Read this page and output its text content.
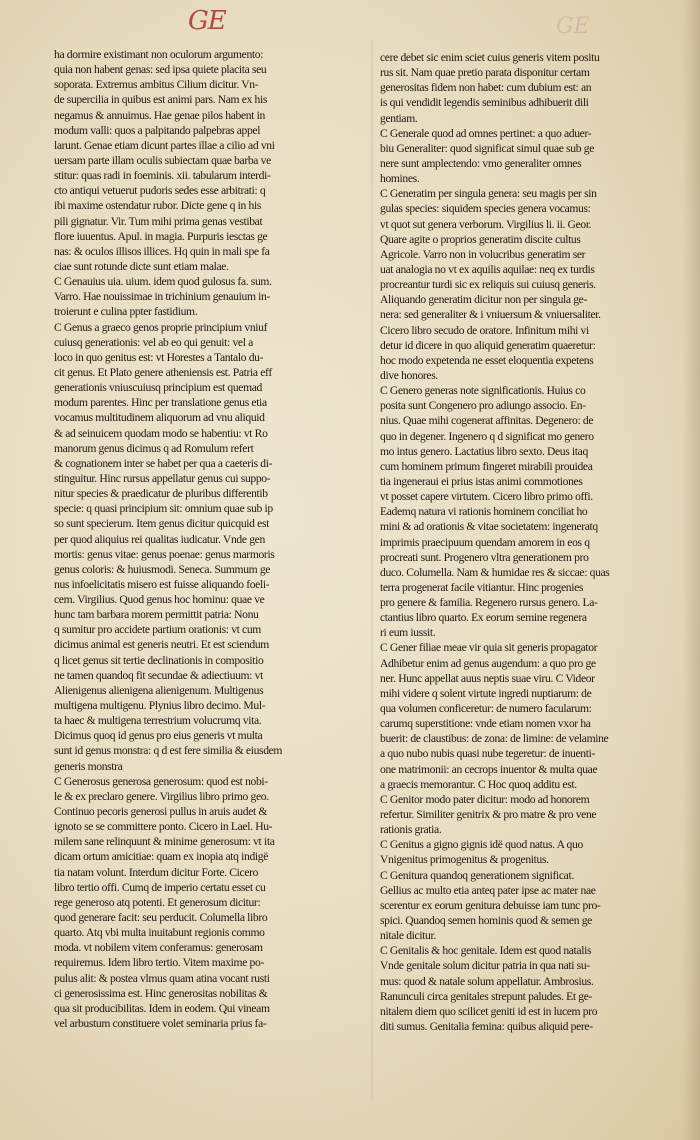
GE	GE
ha dormire existimant non oculorum argumento:
quia non habent genas: sed ipsa quiete placita seu
soporata. Extremus ambitus Cilium dicitur. Vn-
de supercilia in quibus est animi pars. Nam ex his
negamus & annuimus. Hae genae pilos habent in
modum valli: quos a palpitando palpebras appel
larunt. Genae etiam dicunt partes illae a cilio ad vni
uersam parte illam oculis subiectam quae barba ve
stitur: quas radi in foeminis. xii. tabularum interdi-
cto antiqui vetuerut pudoris sedes esse arbitrati: q
ibi maxime ostendatur rubor. Dicte gene q in his
pili gignatur. Vir. Tum mihi prima genas vestibat
flore iuuentus. Apul. in magia. Purpuris iesctas ge
nas: & oculos illisos illices. Hq quin in mali spe fa
ciae sunt rotunde dicte sunt etiam malae.
C Genauius uia. uium. idem quod gulosus fa. sum.
Varro. Hae nouissimae in trichinium genauium in-
troierunt e culina ppter fastidium.
C Genus a graeco genos proprie principium vniuf
cuiusq generationis: vel ab eo qui genuit: vel a
loco in quo genitus est: vt Horestes a Tantalo du-
cit genus. Et Plato genere atheniensis est. Patria eff
generationis vniuscuiusq principium est quemad
modum parentes. Hinc per translatione genus etia
vocamus multitudinem aliquorum ad vnu aliquid
& ad seinuicem quodam modo se habentiu: vt Ro
manorum genus dicimus q ad Romulum refert
& cognationem inter se habet per qua a caeteris di-
stinguitur. Hinc rursus appellatur genus cui suppo-
nitur species & praedicatur de pluribus differentib
specie: q quasi principium sit: omnium quae sub ip
so sunt specierum. Item genus dicitur quicquid est
per quod aliquius rei qualitas iudicatur. Vnde gen
mortis: genus vitae: genus poenae: genus marmoris
genus coloris: & huiusmodi. Seneca. Summum ge
nus infoelicitatis misero est fuisse aliquando foeli-
cem. Virgilius. Quod genus hoc hominu: quae ve
hunc tam barbara morem permittit patria: Nonu
q sumitur pro accidete partium orationis: vt cum
dicimus animal est generis neutri. Et est sciendum
q licet genus sit tertie declinationis in compositio
ne tamen quandoq fit secundae & adiectiuum: vt
Alienigenus alienigena alienigenum. Multigenus
multigena multigenu. Plynius libro decimo. Mul-
ta haec & multigena terrestrium volucrumq vita.
Dicimus quoq id genus pro eius generis vt multa
sunt id genus monstra: q d est fere similia & eiusdem
generis monstra
C Generosus generosa generosum: quod est nobi-
le & ex preclaro genere. Virgilius libro primo geo.
Continuo pecoris generosi pullus in aruis audet &
ignoto se se committere ponto. Cicero in Lael. Hu-
milem sane relinquunt & minime generosum: vt ita
dicam ortum amicitiae: quam ex inopia atq indigë
tia natam volunt. Interdum dicitur Forte. Cicero
libro tertio offi. Cumq de imperio certatu esset cu
rege generoso atq potenti. Et generosum dicitur:
quod generare facit: seu perducit. Columella libro
quarto. Atq vbi multa inuitabunt regionis commo
moda. vt nobilem vitem conferamus: generosam
requiremus. Idem libro tertio. Vitem maxime po-
pulus alit: & postea vlmus quam atina vocant rusti
ci generosissima est. Hinc generositas nobilitas &
qua sit producibilitas. Idem in eodem. Qui vineam
vel arbustum constituere volet seminaria prius fa-
cere debet sic enim sciet cuius generis vitem positu
rus sit. Nam quae pretio parata disponitur certam
generositas fidem non habet: cum dubium est: an
is qui vendidit legendis seminibus adhibuerit dili
gentiam.
C Generale quod ad omnes pertinet: a quo aduer-
biu Generaliter: quod significat simul quae sub ge
nere sunt amplectendo: vmo generaliter omnes
homines.
C Generatim per singula genera: seu magis per sin
gulas species: siquidem species genera vocamus:
vt quot sut genera verborum. Virgilius li. ii. Geor.
Quare agite o proprios generatim discite cultus
Agricole. Varro non in volucribus generatim ser
uat analogia no vt ex aquilis aquilae: neq ex turdis
procreantur turdi sic ex reliquis sui cuiusq generis.
Aliquando generatim dicitur non per singula ge-
nera: sed generaliter & i vniuersum & vniuersaliter.
Cicero libro secudo de oratore. Infinitum mihi vi
detur id dicere in quo aliquid generatim quaeretur:
hoc modo expetenda ne esset eloquentia expetens
dive honores.
C Genero generas note significationis. Huius co
posita sunt Congenero pro adiungo associo. En-
nius. Quae mihi cogenerat affinitas. Degenero: de
quo in degener. Ingenero q d significat mo genero
mo intus genero. Lactatius libro sexto. Deus itaq
cum hominem primum fingeret mirabili prouidea
tia ingeneraui ei prius istas animi commotiones
vt posset capere virtutem. Cicero libro primo offi.
Eademq natura vi rationis hominem conciliat ho
mini & ad orationis & vitae societatem: ingeneratq
imprimis praecipuum quendam amorem in eos q
procreati sunt. Progenero vltra generationem pro
duco. Columella. Nam & humidae res & siccae: quas
terra progenerat facile vitiantur. Hinc progenies
pro genere & familia. Regenero rursus genero. La-
ctantius libro quarto. Ex eorum semine regenera
ri eum iussit.
C Gener filiae meae vir quia sit generis propagator
Adhibetur enim ad genus augendum: a quo pro ge
ner. Hunc appellat auus neptis suae viru. C Videor
mihi videre q solent virtute ingredi nuptiarum: de
qua volumen conficeretur: de numero facularum:
carumq superstitione: vnde etiam nomen vxor ha
buerit: de claustibus: de zona: de limine: de velamine
a quo nubo nubis quasi nube tegeretur: de inuenti-
one matrimonii: an cecrops inuentor & multa quae
a graecis memorantur. C Hoc quoq additu est.
C Genitor modo pater dicitur: modo ad honorem
refertur. Similiter genitrix & pro matre & pro vene
rationis gratia.
C Genitus a gigno gignis idë quod natus. A quo
Vnigenitus primogenitus & progenitus.
C Genitura quandoq generationem significat.
Gellius ac multo etia anteq pater ipse ac mater nae
scerentur ex eorum genitura debuisse iam tunc pro-
spici. Quandoq semen hominis quod & semen ge
nitale dicitur.
C Genitalis & hoc genitale. Idem est quod natalis
Vnde genitale solum dicitur patria in qua nati su-
mus: quod & natale solum appellatur. Ambrosius.
Ranunculi circa genitales strepunt paludes. Et ge-
nitalem diem quo scilicet geniti id est in lucem pro
diti sumus. Genitalia femina: quibus aliquid pere-
